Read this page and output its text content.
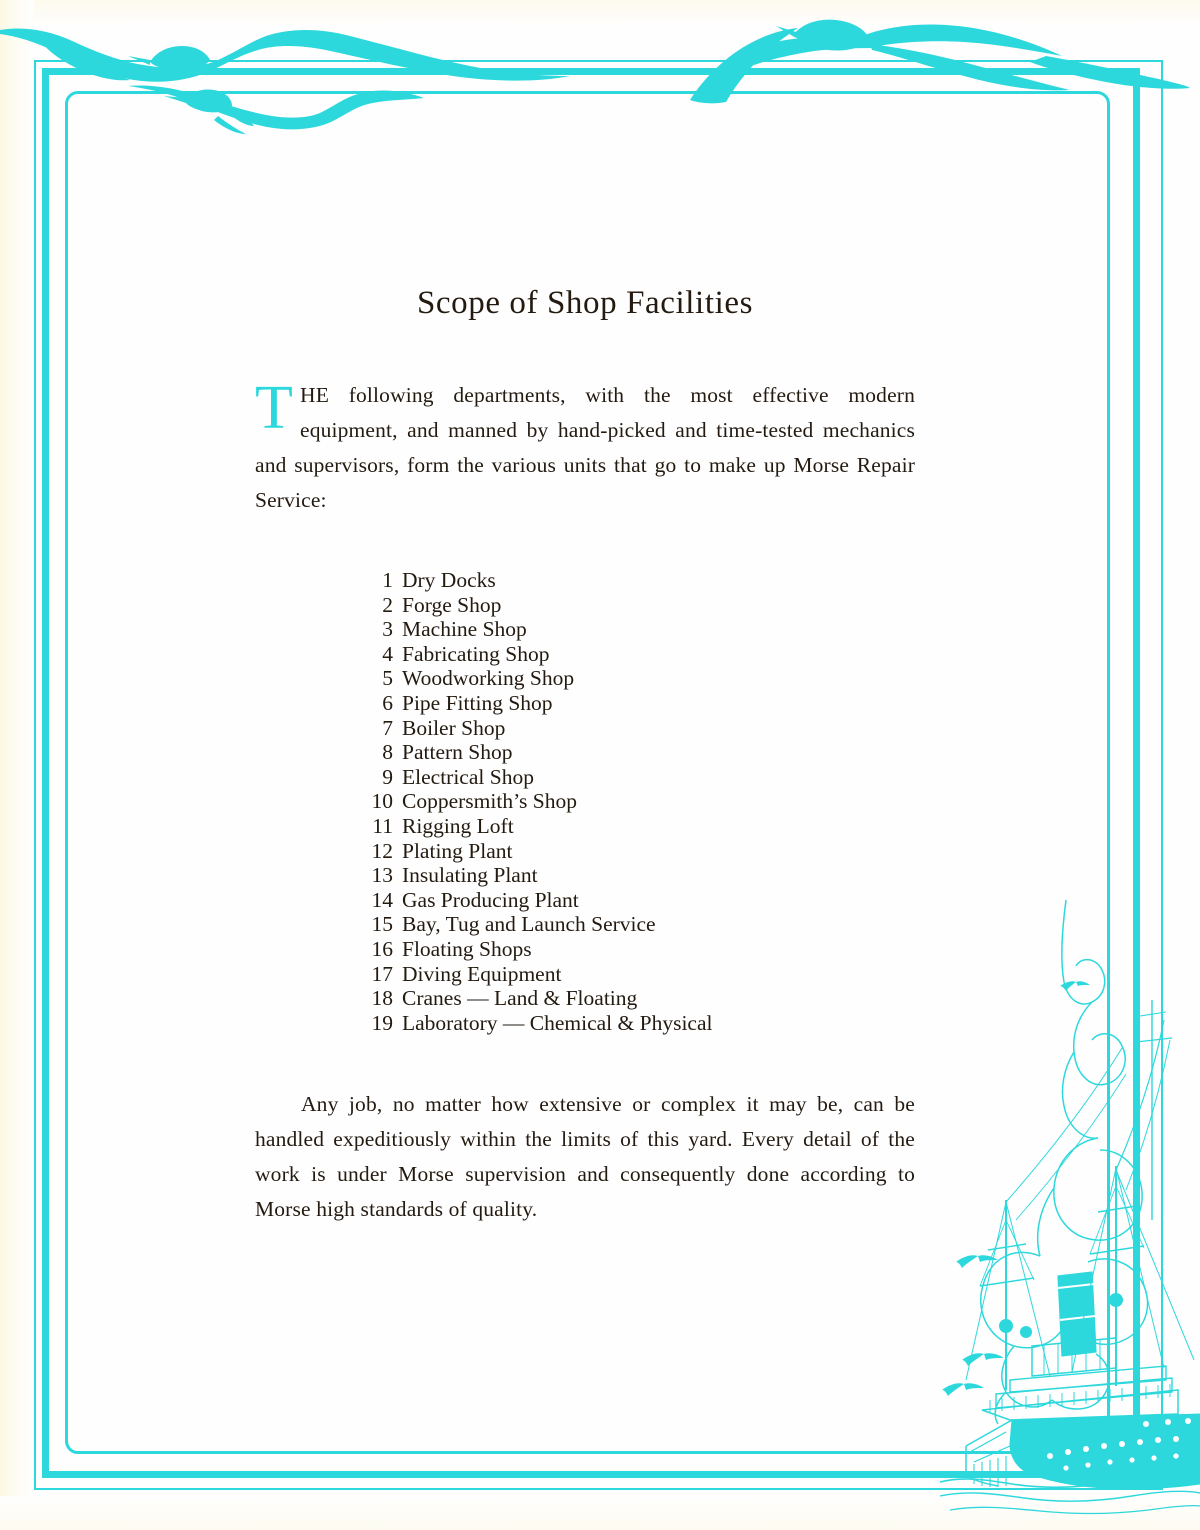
Scope of Shop Facilities

THE following departments, with the most effective modern equipment, and manned by hand-picked and time-tested mechanics and supervisors, form the various units that go to make up Morse Repair Service:

1 Dry Docks
2 Forge Shop
3 Machine Shop
4 Fabricating Shop
5 Woodworking Shop
6 Pipe Fitting Shop
7 Boiler Shop
8 Pattern Shop
9 Electrical Shop
10 Coppersmith’s Shop
11 Rigging Loft
12 Plating Plant
13 Insulating Plant
14 Gas Producing Plant
15 Bay, Tug and Launch Service
16 Floating Shops
17 Diving Equipment
18 Cranes — Land & Floating
19 Laboratory — Chemical & Physical

Any job, no matter how extensive or complex it may be, can be handled expeditiously within the limits of this yard. Every detail of the work is under Morse supervision and consequently done according to Morse high standards of quality.
